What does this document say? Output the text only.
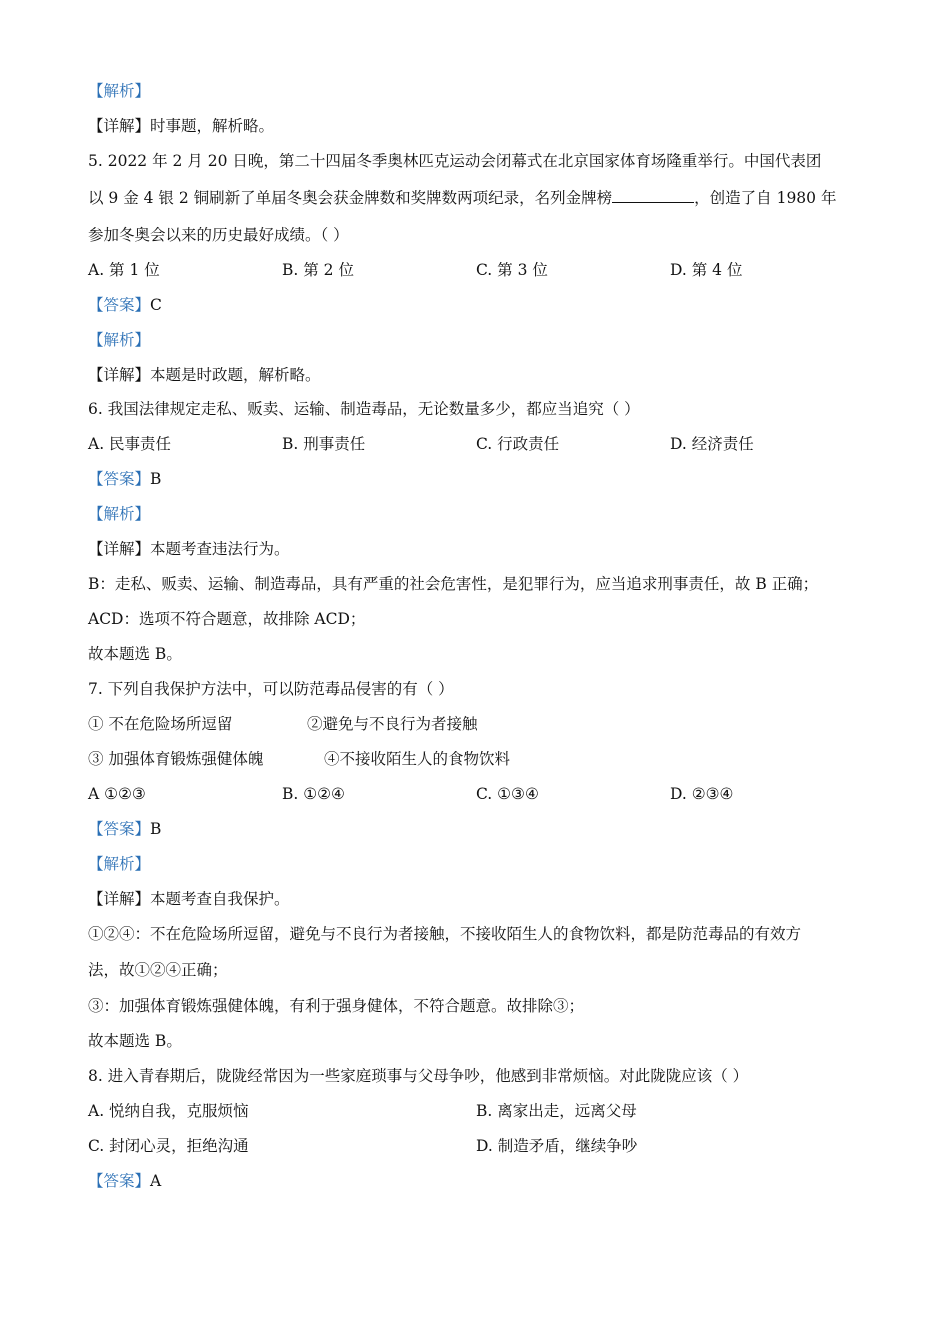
【解析】
【详解】时事题，解析略。
5. 2022 年 2 月 20 日晚，第二十四届冬季奥林匹克运动会闭幕式在北京国家体育场隆重举行。中国代表团
以 9 金 4 银 2 铜刷新了单届冬奥会获金牌数和奖牌数两项纪录，名列金牌榜	，创造了自 1980 年
参加冬奥会以来的历史最好成绩。（ ）
A. 第 1 位	B. 第 2 位	C. 第 3 位	D. 第 4 位
【答案】C
【解析】
【详解】本题是时政题，解析略。
6. 我国法律规定走私、贩卖、运输、制造毒品，无论数量多少，都应当追究（ ）
A. 民事责任	B. 刑事责任	C. 行政责任	D. 经济责任
【答案】B
【解析】
【详解】本题考查违法行为。
B：走私、贩卖、运输、制造毒品，具有严重的社会危害性，是犯罪行为，应当追求刑事责任，故 B 正确；
ACD：选项不符合题意，故排除 ACD；
故本题选 B。
7. 下列自我保护方法中，可以防范毒品侵害的有（ ）
① 不在危险场所逗留	②避免与不良行为者接触
③ 加强体育锻炼强健体魄	④不接收陌生人的食物饮料
A ①②③	B. ①②④	C. ①③④	D. ②③④
【答案】B
【解析】
【详解】本题考查自我保护。
①②④：不在危险场所逗留，避免与不良行为者接触，不接收陌生人的食物饮料，都是防范毒品的有效方
法，故①②④正确；
③：加强体育锻炼强健体魄，有利于强身健体，不符合题意。故排除③；
故本题选 B。
8. 进入青春期后，陇陇经常因为一些家庭琐事与父母争吵，他感到非常烦恼。对此陇陇应该（ ）
A. 悦纳自我，克服烦恼	B. 离家出走，远离父母
C. 封闭心灵，拒绝沟通	D. 制造矛盾，继续争吵
【答案】A
